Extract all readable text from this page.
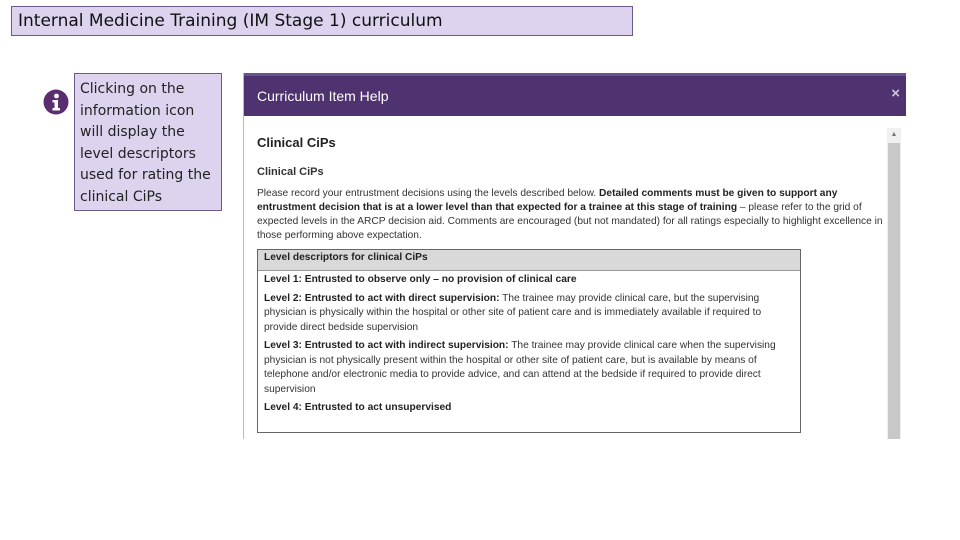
Internal Medicine Training (IM Stage 1) curriculum
Clicking on the information icon will display the level descriptors used for rating the clinical CiPs
Curriculum Item Help	×
Clinical CiPs
Clinical CiPs
Please record your entrustment decisions using the levels described below. Detailed comments must be given to support any entrustment decision that is at a lower level than that expected for a trainee at this stage of training – please refer to the grid of expected levels in the ARCP decision aid. Comments are encouraged (but not mandated) for all ratings especially to highlight excellence in those performing above expectation.
Level descriptors for clinical CiPs
Level 1: Entrusted to observe only – no provision of clinical care
Level 2: Entrusted to act with direct supervision: The trainee may provide clinical care, but the supervising physician is physically within the hospital or other site of patient care and is immediately available if required to provide direct bedside supervision
Level 3: Entrusted to act with indirect supervision: The trainee may provide clinical care when the supervising physician is not physically present within the hospital or other site of patient care, but is available by means of telephone and/or electronic media to provide advice, and can attend at the bedside if required to provide direct supervision
Level 4: Entrusted to act unsupervised
▲
